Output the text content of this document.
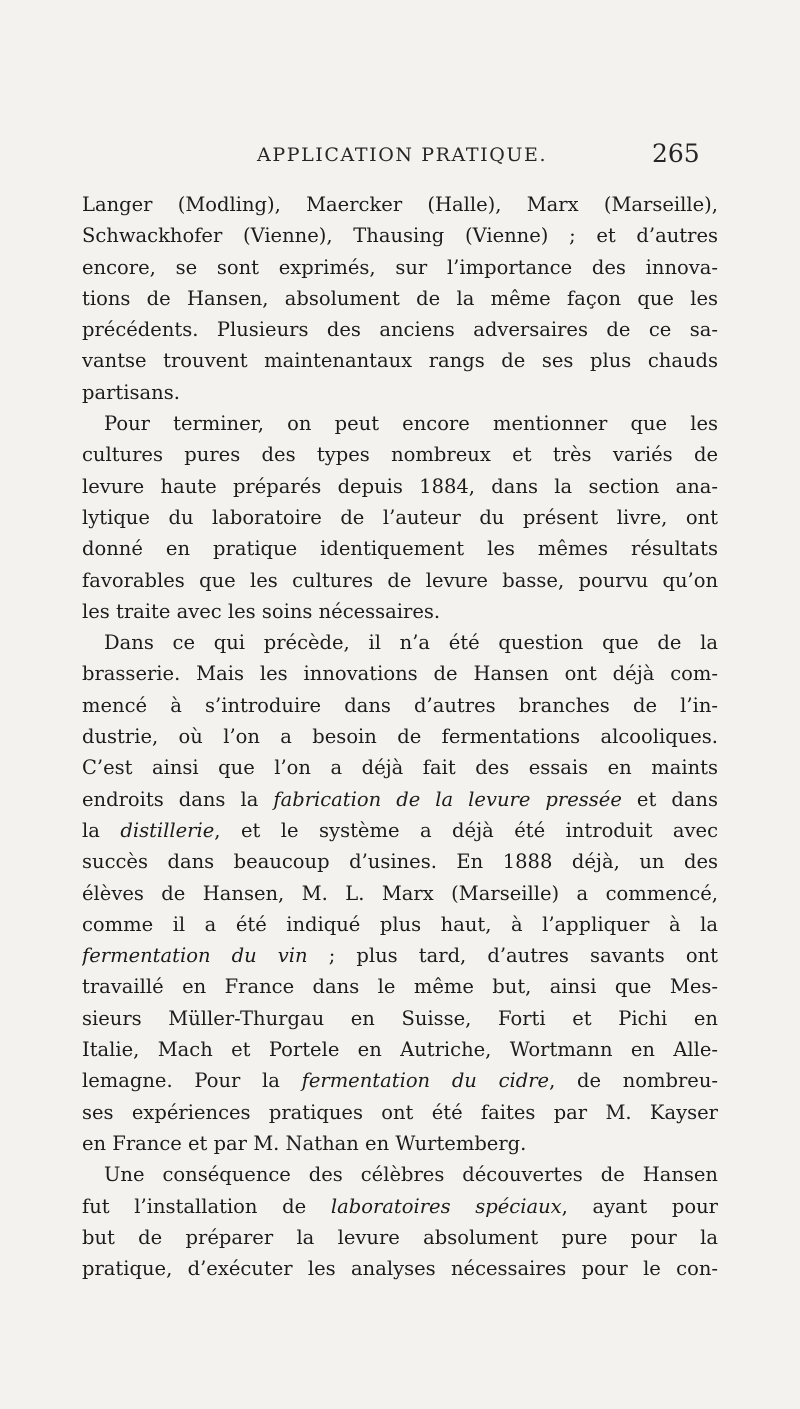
APPLICATION PRATIQUE.	265
Langer (Modling), Maercker (Halle), Marx (Marseille),
Schwackhofer (Vienne), Thausing (Vienne) ; et d’autres
encore, se sont exprimés, sur l’importance des innova-
tions de Hansen, absolument de la même façon que les
précédents. Plusieurs des anciens adversaires de ce sa-
vantse trouvent maintenantaux rangs de ses plus chauds
partisans.
Pour terminer, on peut encore mentionner que les
cultures pures des types nombreux et très variés de
levure haute préparés depuis 1884, dans la section ana-
lytique du laboratoire de l’auteur du présent livre, ont
donné en pratique identiquement les mêmes résultats
favorables que les cultures de levure basse, pourvu qu’on
les traite avec les soins nécessaires.
Dans ce qui précède, il n’a été question que de la
brasserie. Mais les innovations de Hansen ont déjà com-
mencé à s’introduire dans d’autres branches de l’in-
dustrie, où l’on a besoin de fermentations alcooliques.
C’est ainsi que l’on a déjà fait des essais en maints
endroits dans la fabrication de la levure pressée et dans
la distillerie, et le système a déjà été introduit avec
succès dans beaucoup d’usines. En 1888 déjà, un des
élèves de Hansen, M. L. Marx (Marseille) a commencé,
comme il a été indiqué plus haut, à l’appliquer à la
fermentation du vin ; plus tard, d’autres savants ont
travaillé en France dans le même but, ainsi que Mes-
sieurs Müller-Thurgau en Suisse, Forti et Pichi en
Italie, Mach et Portele en Autriche, Wortmann en Alle-
lemagne. Pour la fermentation du cidre, de nombreu-
ses expériences pratiques ont été faites par M. Kayser
en France et par M. Nathan en Wurtemberg.
Une conséquence des célèbres découvertes de Hansen
fut l’installation de laboratoires spéciaux, ayant pour
but de préparer la levure absolument pure pour la
pratique, d’exécuter les analyses nécessaires pour le con-
